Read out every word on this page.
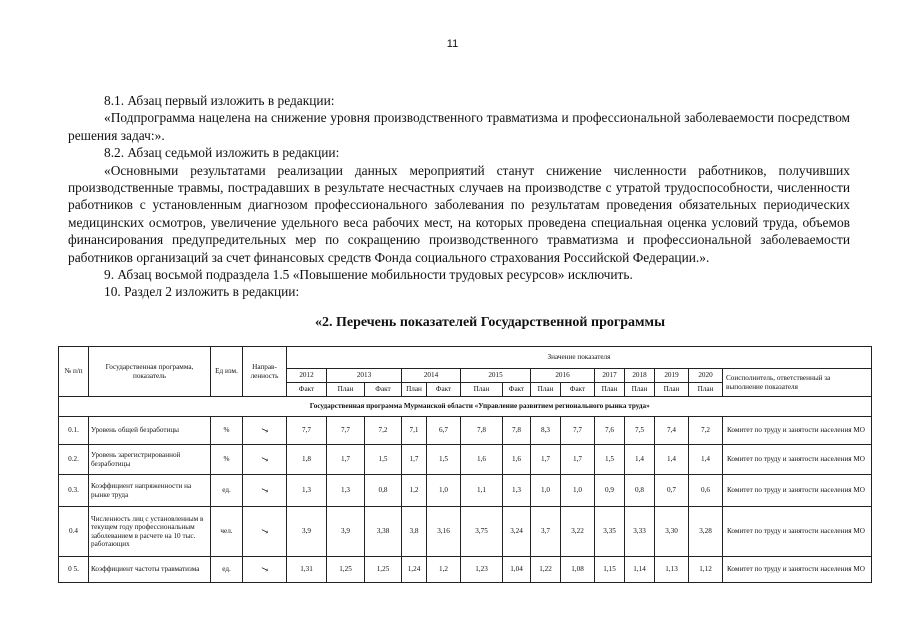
11

8.1. Абзац первый изложить в редакции:

«Подпрограмма нацелена на снижение уровня производственного травматизма и профессиональной заболеваемости посредством решения задач:».

8.2. Абзац седьмой изложить в редакции:

«Основными результатами реализации данных мероприятий станут снижение численности работников, получивших производственные травмы, пострадавших в результате несчастных случаев на производстве с утратой трудоспособности, численности работников с установленным диагнозом профессионального заболевания по результатам проведения обязательных периодических медицинских осмотров, увеличение удельного веса рабочих мест, на которых проведена специальная оценка условий труда, объемов финансирования предупредительных мер по сокращению производственного травматизма и профессиональной заболеваемости работников организаций за счет финансовых средств Фонда социального страхования Российской Федерации.».

9. Абзац восьмой подраздела 1.5 «Повышение мобильности трудовых ресурсов» исключить.

10. Раздел 2 изложить в редакции:

«2. Перечень показателей Государственной программы
№ п/п	Государственная программа, показатель	Ед изм.	Направ-ленность	Значение показателя													
				2012	2013		2014		2015		2016		2017	2018	2019	2020	Соисполнитель, ответственный за выполнение показателя
				Факт	План	Факт	План	Факт	План	Факт	План	Факт	План	План	План	План	
	Государственная программа Мурманской области «Управление развитием регионального рынка труда»																
0.1.	Уровень общей безработицы	%	↘	7,7	7,7	7,2	7,1	6,7	7,8	7,8	8,3	7,7	7,6	7,5	7,4	7,2	Комитет по труду и занятости населения МО
0.2.	Уровень зарегистрированной безработицы	%	↘	1,8	1,7	1,5	1,7	1,5	1,6	1,6	1,7	1,7	1,5	1,4	1,4	1,4	Комитет по труду и занятости населения МО
0.3.	Коэффициент напряженности на рынке труда	ед.	↘	1,3	1,3	0,8	1,2	1,0	1,1	1,3	1,0	1,0	0,9	0,8	0,7	0,6	Комитет по труду и занятости населения МО
0.4	Численность лиц с установленным в текущем году профессиональным заболеванием в расчете на 10 тыс. работающих	чел.	↘	3,9	3,9	3,38	3,8	3,16	3,75	3,24	3,7	3,22	3,35	3,33	3,30	3,28	Комитет по труду и занятости населения МО
0 5.	Коэффициент частоты травматизма	ед.	↘	1,31	1,25	1,25	1,24	1,2	1,23	1,04	1,22	1,08	1,15	1,14	1,13	1,12	Комитет по труду и занятости населения МО
